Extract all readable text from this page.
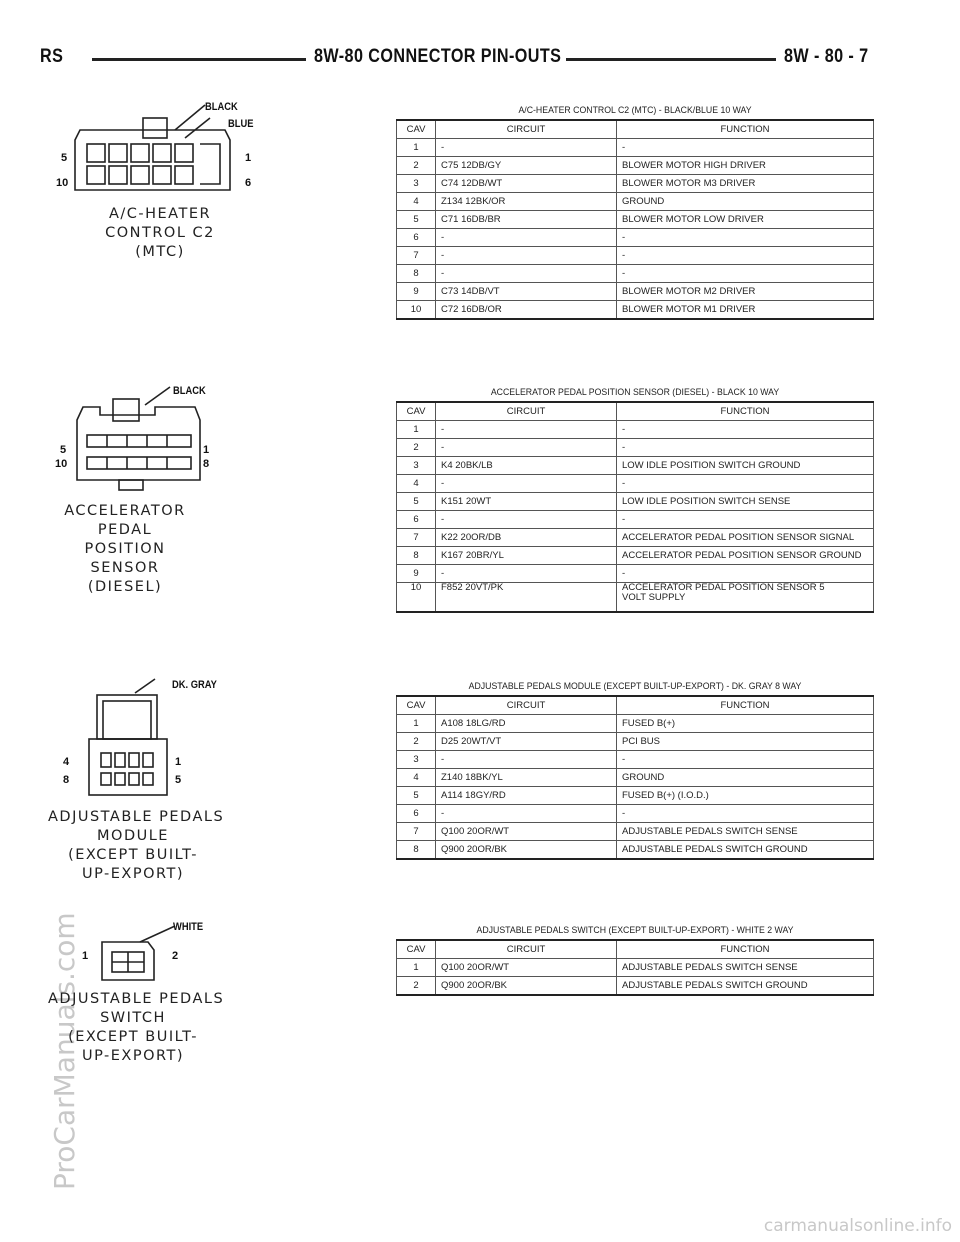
RS	8W-80 CONNECTOR PIN-OUTS	8W - 80 - 7
ProCarManuals.com
carmanualsonline.info
A/C-HEATER CONTROL C2 (MTC) - BLACK/BLUE 10 WAY
CAV	CIRCUIT	FUNCTION
1	-	-
2	C75 12DB/GY	BLOWER MOTOR HIGH DRIVER
3	C74 12DB/WT	BLOWER MOTOR M3 DRIVER
4	Z134 12BK/OR	GROUND
5	C71 16DB/BR	BLOWER MOTOR LOW DRIVER
6	-	-
7	-	-
8	-	-
9	C73 14DB/VT	BLOWER MOTOR M2 DRIVER
10	C72 16DB/OR	BLOWER MOTOR M1 DRIVER
BLACK
BLUE
5	1
10	6
A/C-HEATER
CONTROL C2
(MTC)
ACCELERATOR PEDAL POSITION SENSOR (DIESEL) - BLACK 10 WAY
CAV	CIRCUIT	FUNCTION
1	-	-
2	-	-
3	K4 20BK/LB	LOW IDLE POSITION SWITCH GROUND
4	-	-
5	K151 20WT	LOW IDLE POSITION SWITCH SENSE
6	-	-
7	K22 20OR/DB	ACCELERATOR PEDAL POSITION SENSOR SIGNAL
8	K167 20BR/YL	ACCELERATOR PEDAL POSITION SENSOR GROUND
9	-	-
10	F852 20VT/PK	ACCELERATOR PEDAL POSITION SENSOR 5 VOLT SUPPLY
BLACK
5	1
10	8
ACCELERATOR
PEDAL
POSITION
SENSOR
(DIESEL)
ADJUSTABLE PEDALS MODULE (EXCEPT BUILT-UP-EXPORT) - DK. GRAY 8 WAY
CAV	CIRCUIT	FUNCTION
1	A108 18LG/RD	FUSED B(+)
2	D25 20WT/VT	PCI BUS
3	-	-
4	Z140 18BK/YL	GROUND
5	A114 18GY/RD	FUSED B(+) (I.O.D.)
6	-	-
7	Q100 20OR/WT	ADJUSTABLE PEDALS SWITCH SENSE
8	Q900 20OR/BK	ADJUSTABLE PEDALS SWITCH GROUND
DK. GRAY
4	1
8	5
ADJUSTABLE PEDALS
MODULE
(EXCEPT BUILT-
UP-EXPORT)
ADJUSTABLE PEDALS SWITCH (EXCEPT BUILT-UP-EXPORT) - WHITE 2 WAY
CAV	CIRCUIT	FUNCTION
1	Q100 20OR/WT	ADJUSTABLE PEDALS SWITCH SENSE
2	Q900 20OR/BK	ADJUSTABLE PEDALS SWITCH GROUND
WHITE
1	2
ADJUSTABLE PEDALS
SWITCH
(EXCEPT BUILT-
UP-EXPORT)
